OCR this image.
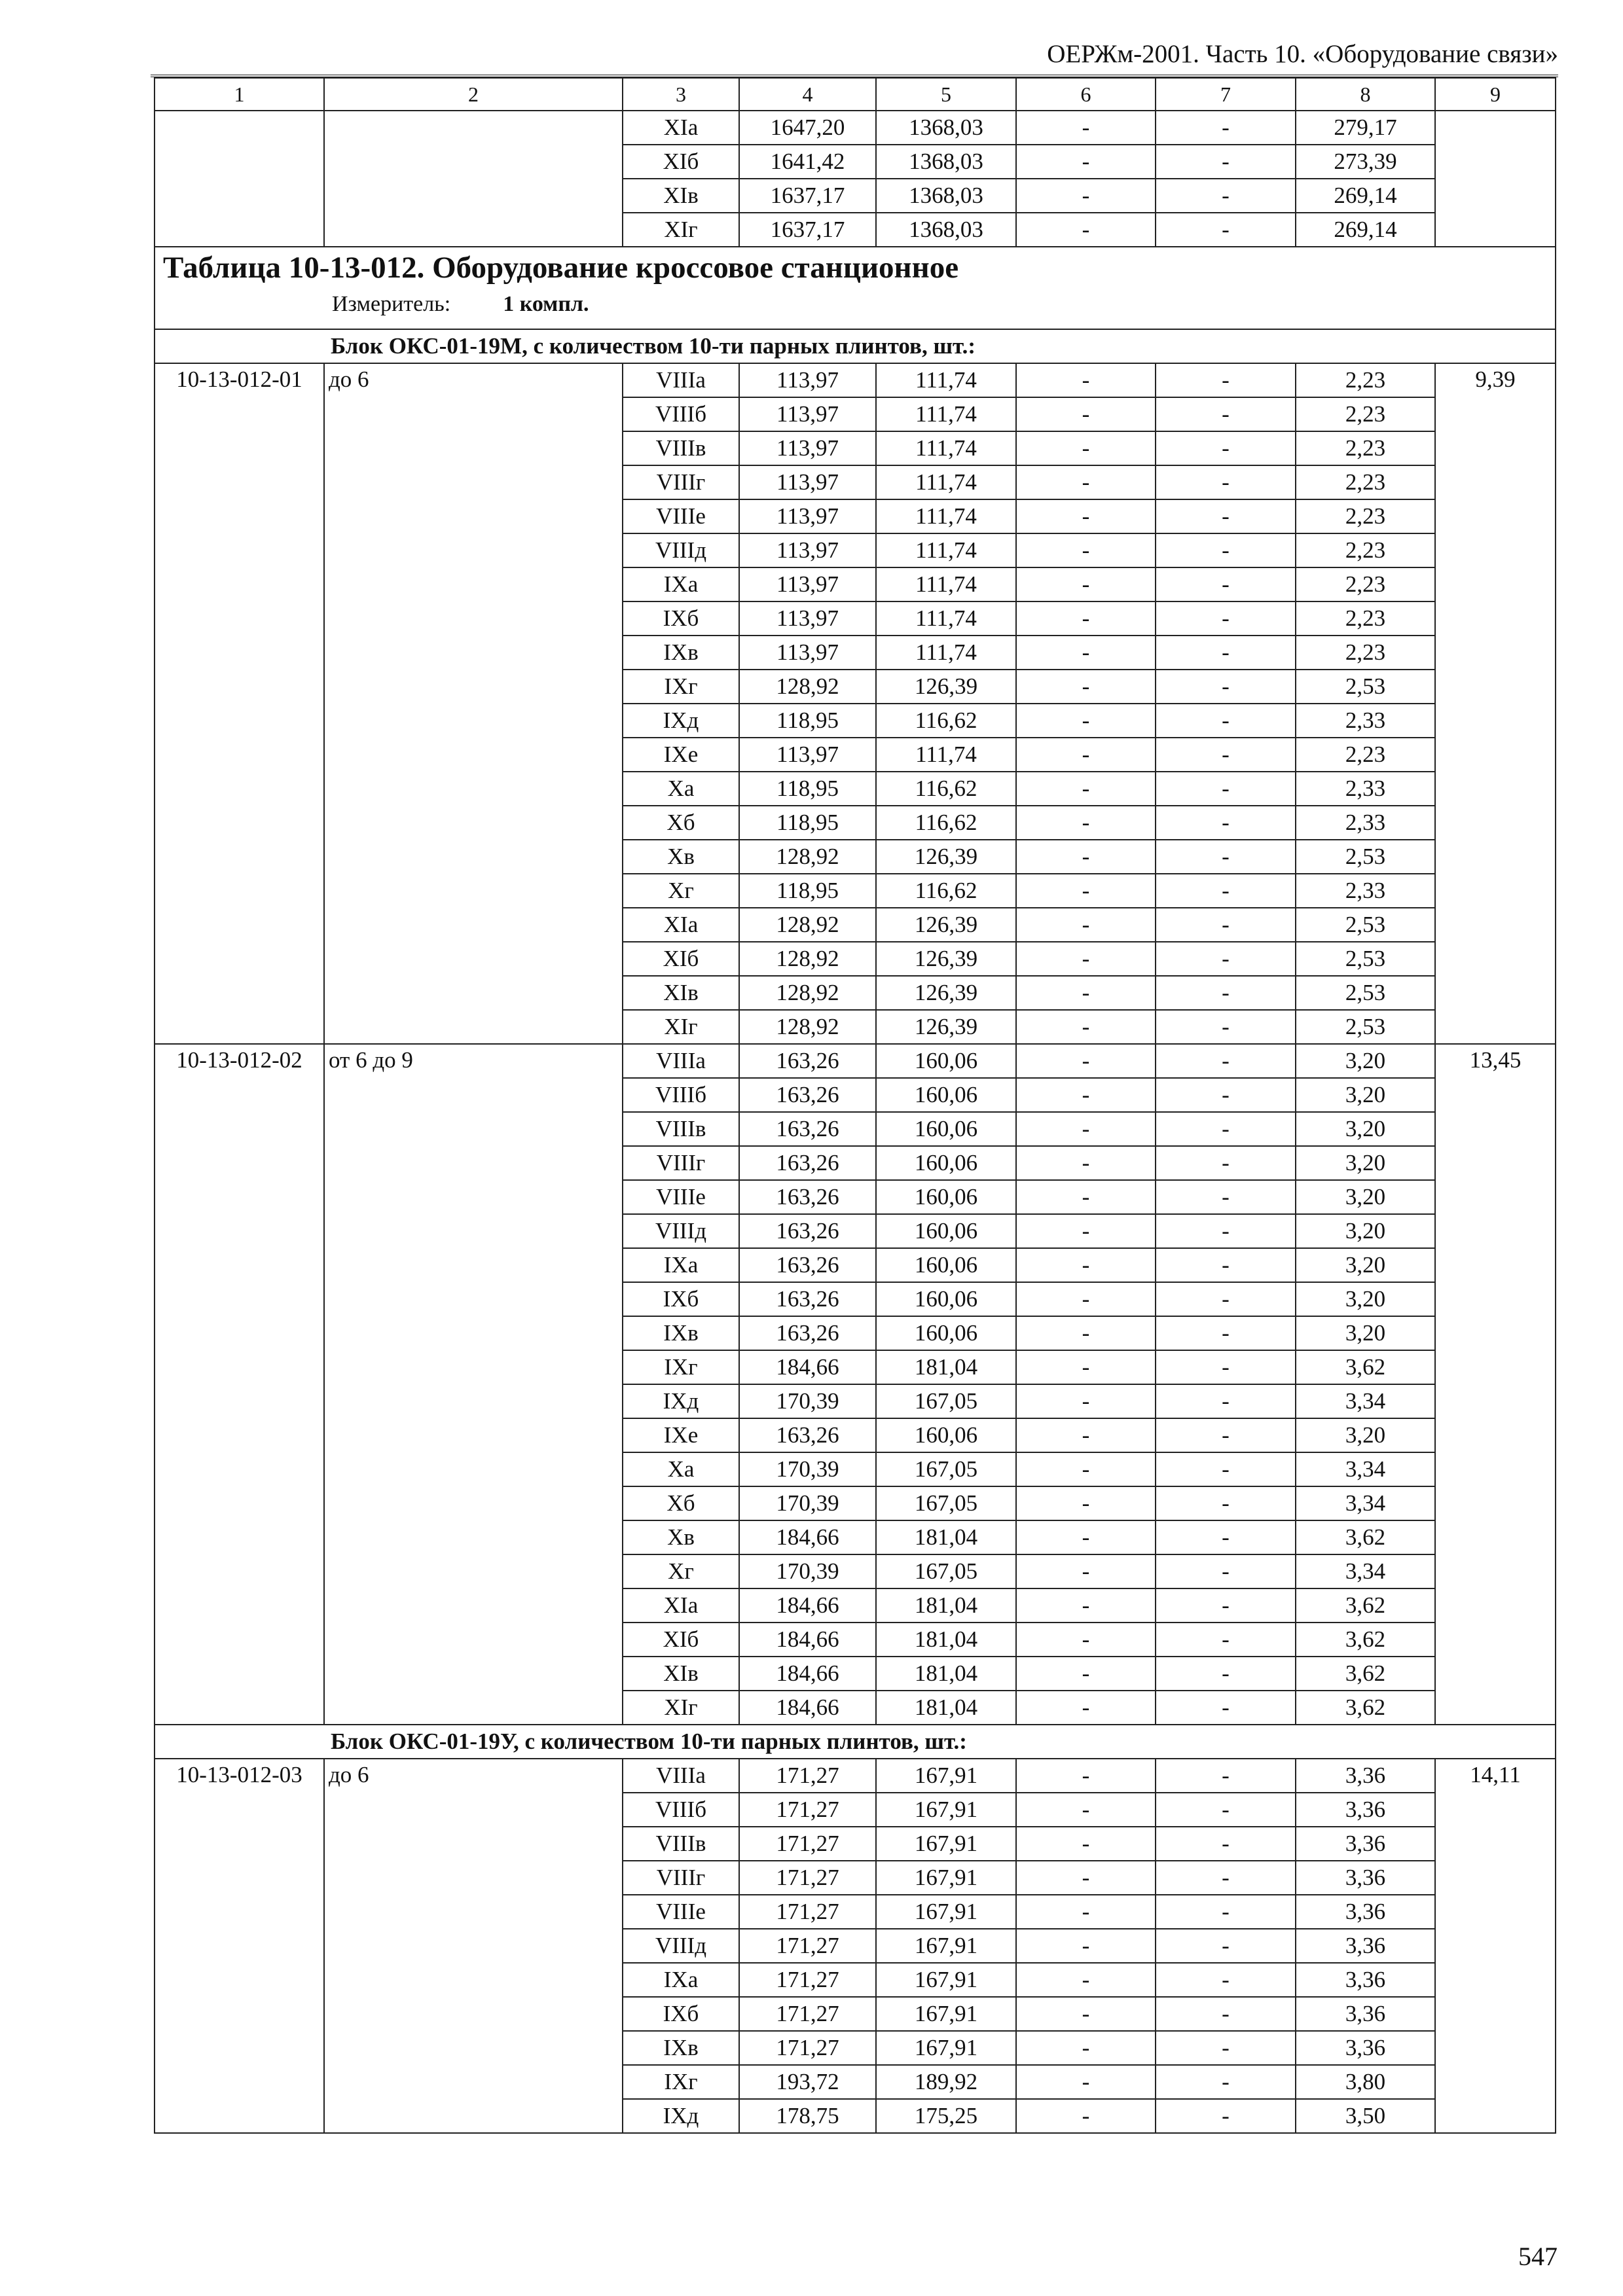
ОЕРЖм-2001. Часть 10. «Оборудование связи»
1	2	3	4	5	6	7	8	9
		XIа	1647,20	1368,03	-	-	279,17	
		XIб	1641,42	1368,03	-	-	273,39	
		XIв	1637,17	1368,03	-	-	269,14	
		XIг	1637,17	1368,03	-	-	269,14	

Таблица 10-13-012. Оборудование кроссовое станционное
Измеритель: 1 компл.								

Блок ОКС-01-19М, с количеством 10-ти парных плинтов, шт.:								
10-13-012-01	до 6	VIIIа	113,97	111,74	-	-	2,23	9,39
		VIIIб	113,97	111,74	-	-	2,23	
		VIIIв	113,97	111,74	-	-	2,23	
		VIIIг	113,97	111,74	-	-	2,23	
		VIIIе	113,97	111,74	-	-	2,23	
		VIIIд	113,97	111,74	-	-	2,23	
		IXа	113,97	111,74	-	-	2,23	
		IXб	113,97	111,74	-	-	2,23	
		IXв	113,97	111,74	-	-	2,23	
		IXг	128,92	126,39	-	-	2,53	
		IXд	118,95	116,62	-	-	2,33	
		IXе	113,97	111,74	-	-	2,23	
		Xа	118,95	116,62	-	-	2,33	
		Xб	118,95	116,62	-	-	2,33	
		Xв	128,92	126,39	-	-	2,53	
		Xг	118,95	116,62	-	-	2,33	
		XIа	128,92	126,39	-	-	2,53	
		XIб	128,92	126,39	-	-	2,53	
		XIв	128,92	126,39	-	-	2,53	
		XIг	128,92	126,39	-	-	2,53	
10-13-012-02	от 6 до 9	VIIIа	163,26	160,06	-	-	3,20	13,45
		VIIIб	163,26	160,06	-	-	3,20	
		VIIIв	163,26	160,06	-	-	3,20	
		VIIIг	163,26	160,06	-	-	3,20	
		VIIIе	163,26	160,06	-	-	3,20	
		VIIIд	163,26	160,06	-	-	3,20	
		IXа	163,26	160,06	-	-	3,20	
		IXб	163,26	160,06	-	-	3,20	
		IXв	163,26	160,06	-	-	3,20	
		IXг	184,66	181,04	-	-	3,62	
		IXд	170,39	167,05	-	-	3,34	
		IXе	163,26	160,06	-	-	3,20	
		Xа	170,39	167,05	-	-	3,34	
		Xб	170,39	167,05	-	-	3,34	
		Xв	184,66	181,04	-	-	3,62	
		Xг	170,39	167,05	-	-	3,34	
		XIа	184,66	181,04	-	-	3,62	
		XIб	184,66	181,04	-	-	3,62	
		XIв	184,66	181,04	-	-	3,62	
		XIг	184,66	181,04	-	-	3,62	
Блок ОКС-01-19У, с количеством 10-ти парных плинтов, шт.:								
10-13-012-03	до 6	VIIIа	171,27	167,91	-	-	3,36	14,11
		VIIIб	171,27	167,91	-	-	3,36	
		VIIIв	171,27	167,91	-	-	3,36	
		VIIIг	171,27	167,91	-	-	3,36	
		VIIIе	171,27	167,91	-	-	3,36	
		VIIIд	171,27	167,91	-	-	3,36	
		IXа	171,27	167,91	-	-	3,36	
		IXб	171,27	167,91	-	-	3,36	
		IXв	171,27	167,91	-	-	3,36	
		IXг	193,72	189,92	-	-	3,80	
		IXд	178,75	175,25	-	-	3,50	
547
